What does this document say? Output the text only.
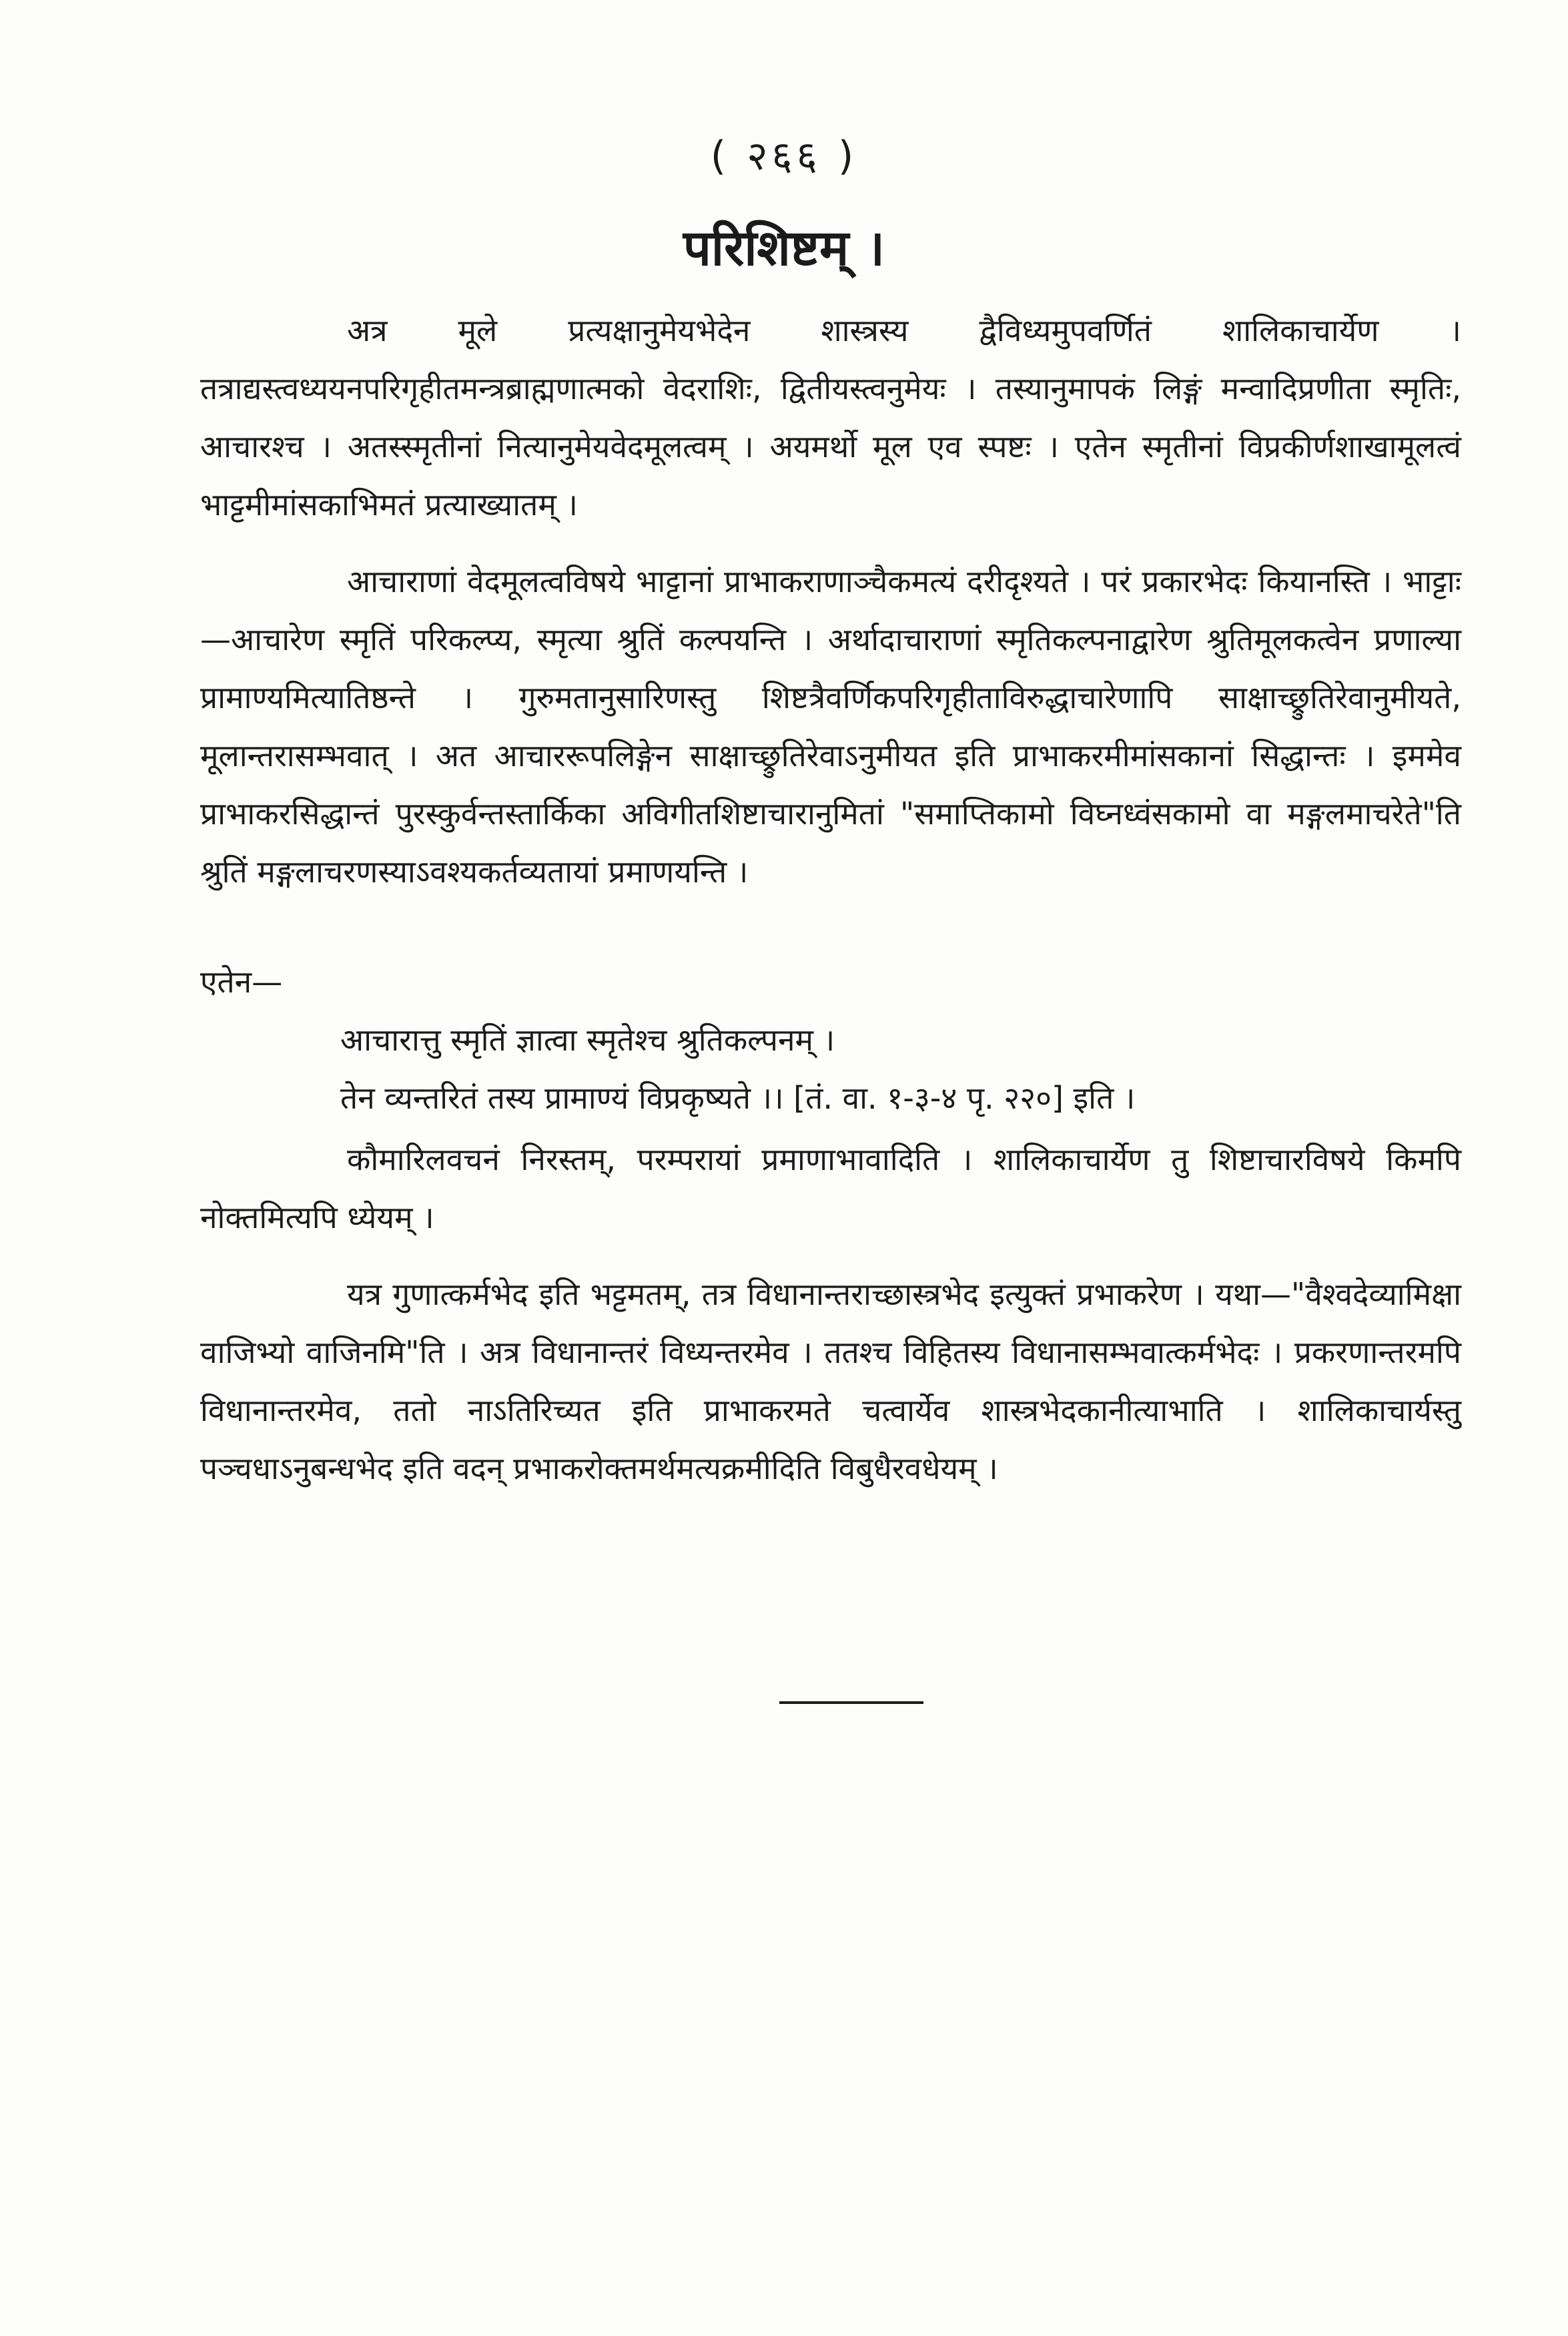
( २६६ )
परिशिष्टम् ।

अत्र मूले प्रत्यक्षानुमेयभेदेन शास्त्रस्य द्वैविध्यमुपवर्णितं शालिकाचार्येण । तत्राद्यस्त्वध्ययनपरिगृहीतमन्त्रब्राह्मणात्मको वेदराशिः, द्वितीयस्त्वनुमेयः । तस्यानुमापकं लिङ्गं मन्वादिप्रणीता स्मृतिः, आचारश्च । अतस्स्मृतीनां नित्यानुमेयवेदमूलत्वम् । अयमर्थो मूल एव स्पष्टः । एतेन स्मृतीनां विप्रकीर्णशाखामूलत्वं भाट्टमीमांसकाभिमतं प्रत्याख्यातम् ।

आचाराणां वेदमूलत्वविषये भाट्टानां प्राभाकराणाञ्चैकमत्यं दरीदृश्यते । परं प्रकारभेदः कियानस्ति । भाट्टाः—आचारेण स्मृतिं परिकल्प्य, स्मृत्या श्रुतिं कल्पयन्ति । अर्थादाचाराणां स्मृतिकल्पनाद्वारेण श्रुतिमूलकत्वेन प्रणाल्या प्रामाण्यमित्यातिष्ठन्ते । गुरुमतानुसारिणस्तु शिष्टत्रैवर्णिकपरिगृहीताविरुद्धाचारेणापि साक्षाच्छ्रुतिरेवानुमीयते, मूलान्तरासम्भवात् । अत आचाररूपलिङ्गेन साक्षाच्छ्रुतिरेवाऽनुमीयत इति प्राभाकरमीमांसकानां सिद्धान्तः । इममेव प्राभाकरसिद्धान्तं पुरस्कुर्वन्तस्तार्किका अविगीतशिष्टाचारानुमितां "समाप्तिकामो विघ्नध्वंसकामो वा मङ्गलमाचरेते"ति श्रुतिं मङ्गलाचरणस्याऽवश्यकर्तव्यतायां प्रमाणयन्ति ।

एतेन—

आचारात्तु स्मृतिं ज्ञात्वा स्मृतेश्च श्रुतिकल्पनम् ।
तेन व्यन्तरितं तस्य प्रामाण्यं विप्रकृष्यते ।। [तं. वा. १-३-४ पृ. २२०] इति ।

कौमारिलवचनं निरस्तम्, परम्परायां प्रमाणाभावादिति । शालिकाचार्येण तु शिष्टाचारविषये किमपि नोक्तमित्यपि ध्येयम् ।

यत्र गुणात्कर्मभेद इति भट्टमतम्, तत्र विधानान्तराच्छास्त्रभेद इत्युक्तं प्रभाकरेण । यथा—"वैश्वदेव्यामिक्षा वाजिभ्यो वाजिनमि"ति । अत्र विधानान्तरं विध्यन्तरमेव । ततश्च विहितस्य विधानासम्भवात्कर्मभेदः । प्रकरणान्तरमपि विधानान्तरमेव, ततो नाऽतिरिच्यत इति प्राभाकरमते चत्वार्येव शास्त्रभेदकानीत्याभाति । शालिकाचार्यस्तु पञ्चधाऽनुबन्धभेद इति वदन् प्रभाकरोक्तमर्थमत्यक्रमीदिति विबुधैरवधेयम् ।
